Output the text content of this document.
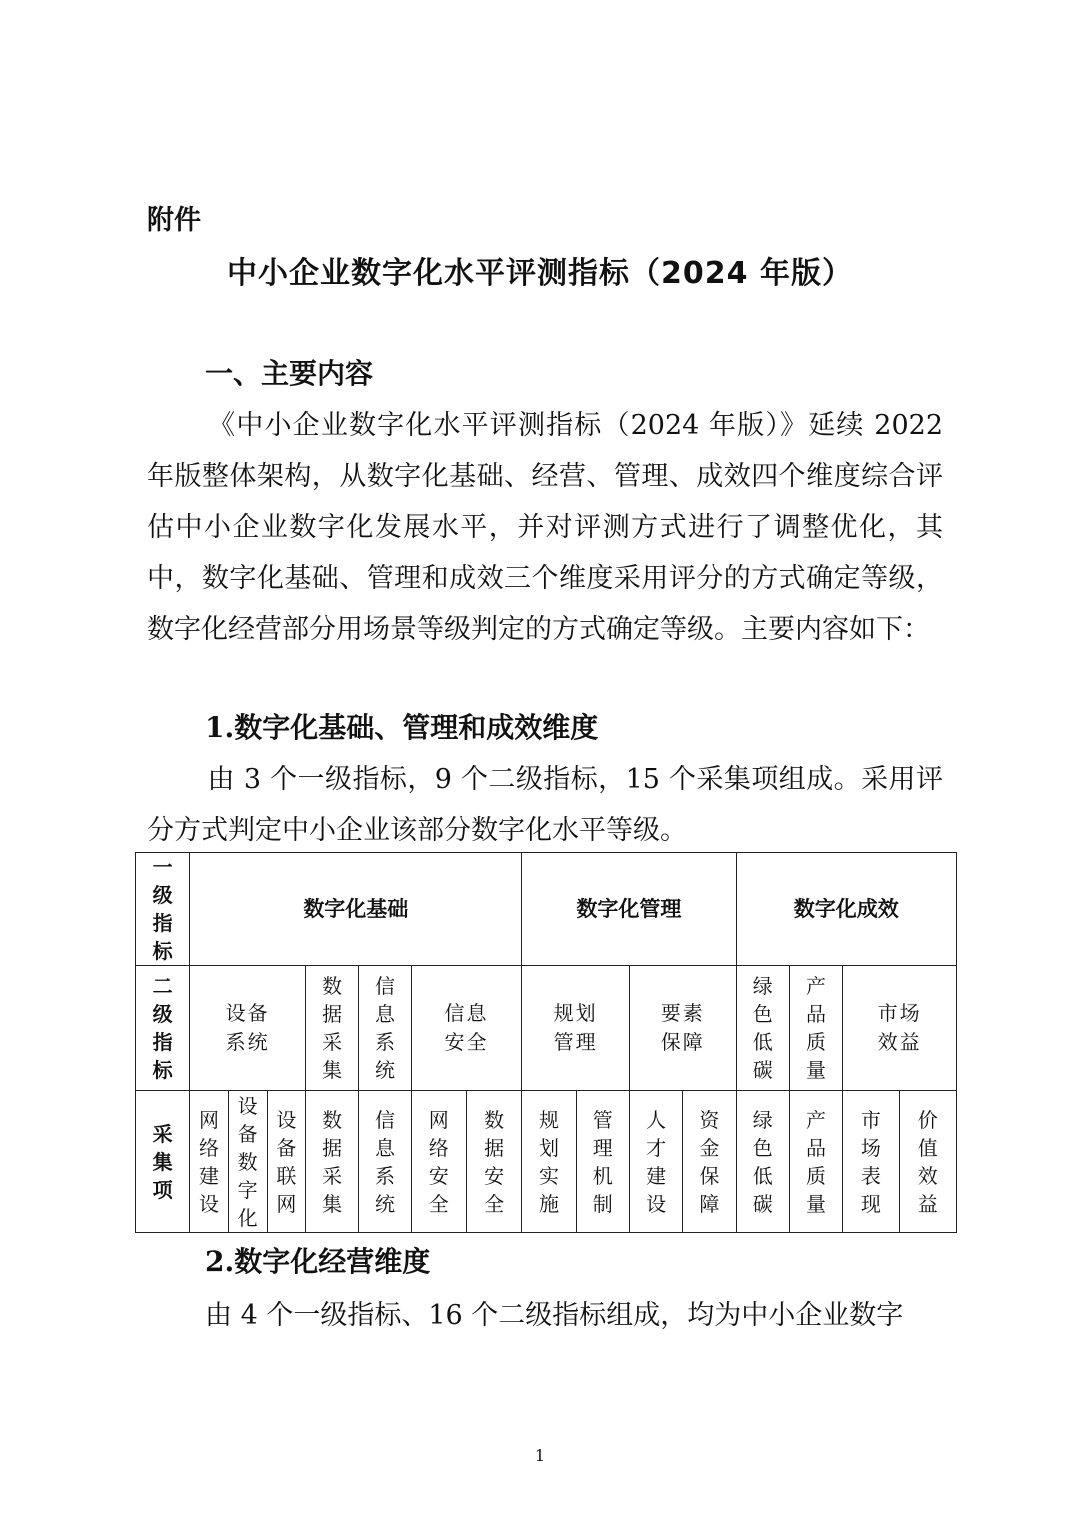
附件
中小企业数字化水平评测指标（2024 年版）
一、主要内容
《中小企业数字化水平评测指标（2024 年版）》延续 2022 年版整体架构，从数字化基础、经营、管理、成效四个维度综合评估中小企业数字化发展水平，并对评测方式进行了调整优化，其中，数字化基础、管理和成效三个维度采用评分的方式确定等级，数字化经营部分用场景等级判定的方式确定等级。主要内容如下：
1.数字化基础、管理和成效维度
由 3 个一级指标，9 个二级指标，15 个采集项组成。采用评分方式判定中小企业该部分数字化水平等级。
一级指标	数字化基础							数字化管理				数字化成效			
二级指标	设备系统			数据采集	信息系统	信息安全		规划管理		要素保障		绿色低碳	产品质量	市场效益	
采集项	网络建设	设备数字化	设备联网	数据采集	信息系统	网络安全	数据安全	规划实施	管理机制	人才建设	资金保障	绿色低碳	产品质量	市场表现	价值效益
2.数字化经营维度
由 4 个一级指标、16 个二级指标组成，均为中小企业数字
1
